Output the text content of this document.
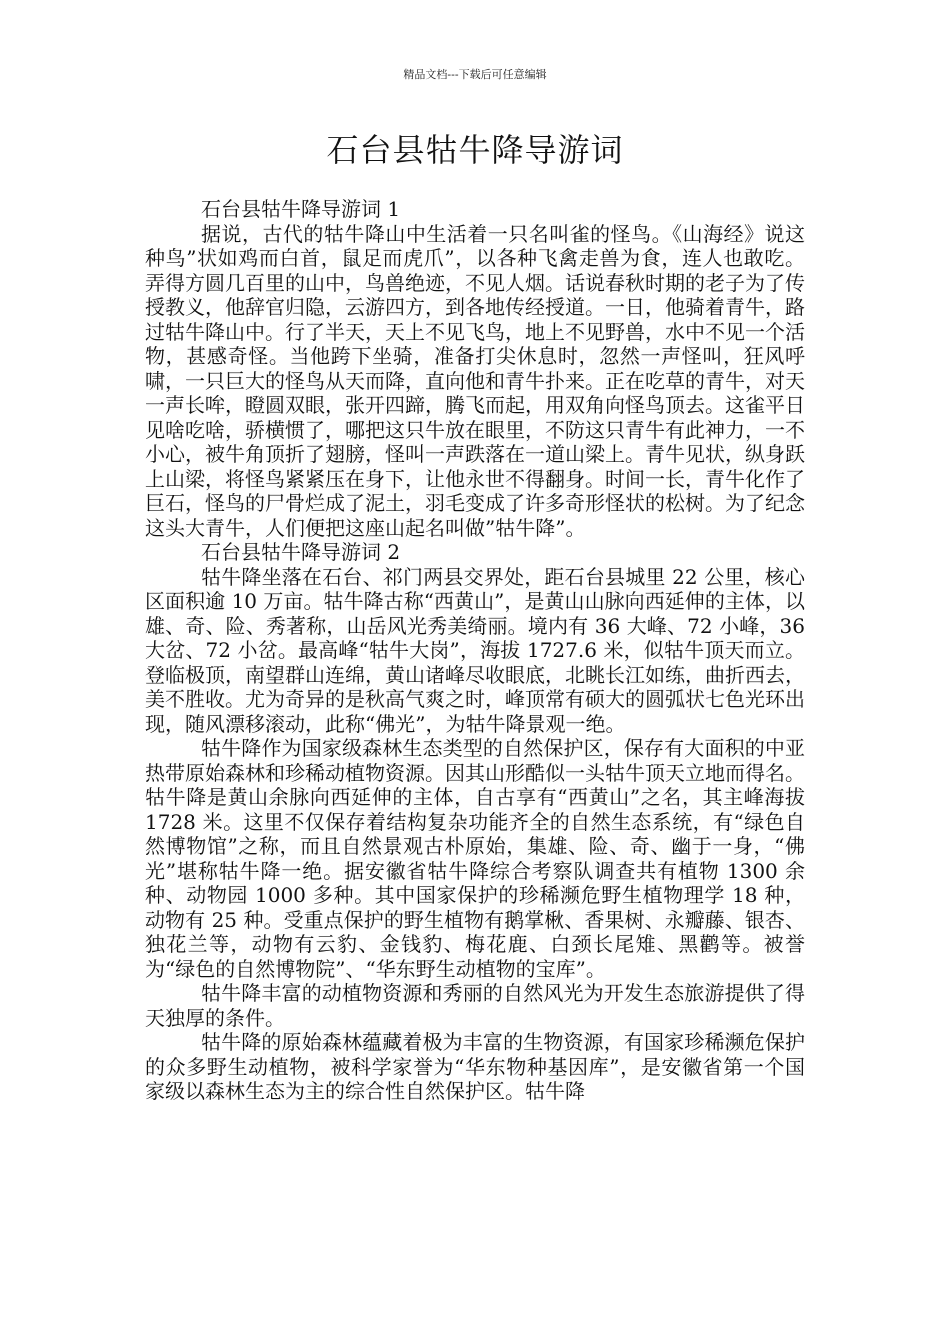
精品文档---下载后可任意编辑
石台县牯牛降导游词

石台县牯牛降导游词 1

据说，古代的牯牛降山中生活着一只名叫雀的怪鸟。《山海经》说这种鸟”状如鸡而白首，鼠足而虎爪”，以各种飞禽走兽为食，连人也敢吃。弄得方圆几百里的山中，鸟兽绝迹，不见人烟。话说春秋时期的老子为了传授教义，他辞官归隐，云游四方，到各地传经授道。一日，他骑着青牛，路过牯牛降山中。行了半天，天上不见飞鸟，地上不见野兽，水中不见一个活物，甚感奇怪。当他跨下坐骑，准备打尖休息时，忽然一声怪叫，狂风呼啸，一只巨大的怪鸟从天而降，直向他和青牛扑来。正在吃草的青牛，对天一声长哞，瞪圆双眼，张开四蹄，腾飞而起，用双角向怪鸟顶去。这雀平日见啥吃啥，骄横惯了，哪把这只牛放在眼里，不防这只青牛有此神力，一不小心，被牛角顶折了翅膀，怪叫一声跌落在一道山梁上。青牛见状，纵身跃上山梁，将怪鸟紧紧压在身下，让他永世不得翻身。时间一长，青牛化作了巨石，怪鸟的尸骨烂成了泥土，羽毛变成了许多奇形怪状的松树。为了纪念这头大青牛，人们便把这座山起名叫做”牯牛降”。

石台县牯牛降导游词 2

牯牛降坐落在石台、祁门两县交界处，距石台县城里 22 公里，核心区面积逾 10 万亩。牯牛降古称“西黄山”，是黄山山脉向西延伸的主体，以雄、奇、险、秀著称，山岳风光秀美绮丽。境内有 36 大峰、72 小峰，36 大岔、72 小岔。最高峰“牯牛大岗”，海拔 1727.6 米，似牯牛顶天而立。登临极顶，南望群山连绵，黄山诸峰尽收眼底，北眺长江如练，曲折西去，美不胜收。尤为奇异的是秋高气爽之时，峰顶常有硕大的圆弧状七色光环出现，随风漂移滚动，此称“佛光”，为牯牛降景观一绝。

牯牛降作为国家级森林生态类型的自然保护区，保存有大面积的中亚热带原始森林和珍稀动植物资源。因其山形酷似一头牯牛顶天立地而得名。牯牛降是黄山余脉向西延伸的主体，自古享有“西黄山”之名，其主峰海拔 1728 米。这里不仅保存着结构复杂功能齐全的自然生态系统，有“绿色自然博物馆”之称，而且自然景观古朴原始，集雄、险、奇、幽于一身，“佛光”堪称牯牛降一绝。据安徽省牯牛降综合考察队调查共有植物 1300 余种、动物园 1000 多种。其中国家保护的珍稀濒危野生植物理学 18 种，动物有 25 种。受重点保护的野生植物有鹅掌楸、香果树、永瓣藤、银杏、独花兰等，动物有云豹、金钱豹、梅花鹿、白颈长尾雉、黑鹳等。被誉为“绿色的自然博物院”、“华东野生动植物的宝库”。

牯牛降丰富的动植物资源和秀丽的自然风光为开发生态旅游提供了得天独厚的条件。

牯牛降的原始森林蕴藏着极为丰富的生物资源，有国家珍稀濒危保护的众多野生动植物，被科学家誉为“华东物种基因库”，是安徽省第一个国家级以森林生态为主的综合性自然保护区。牯牛降
